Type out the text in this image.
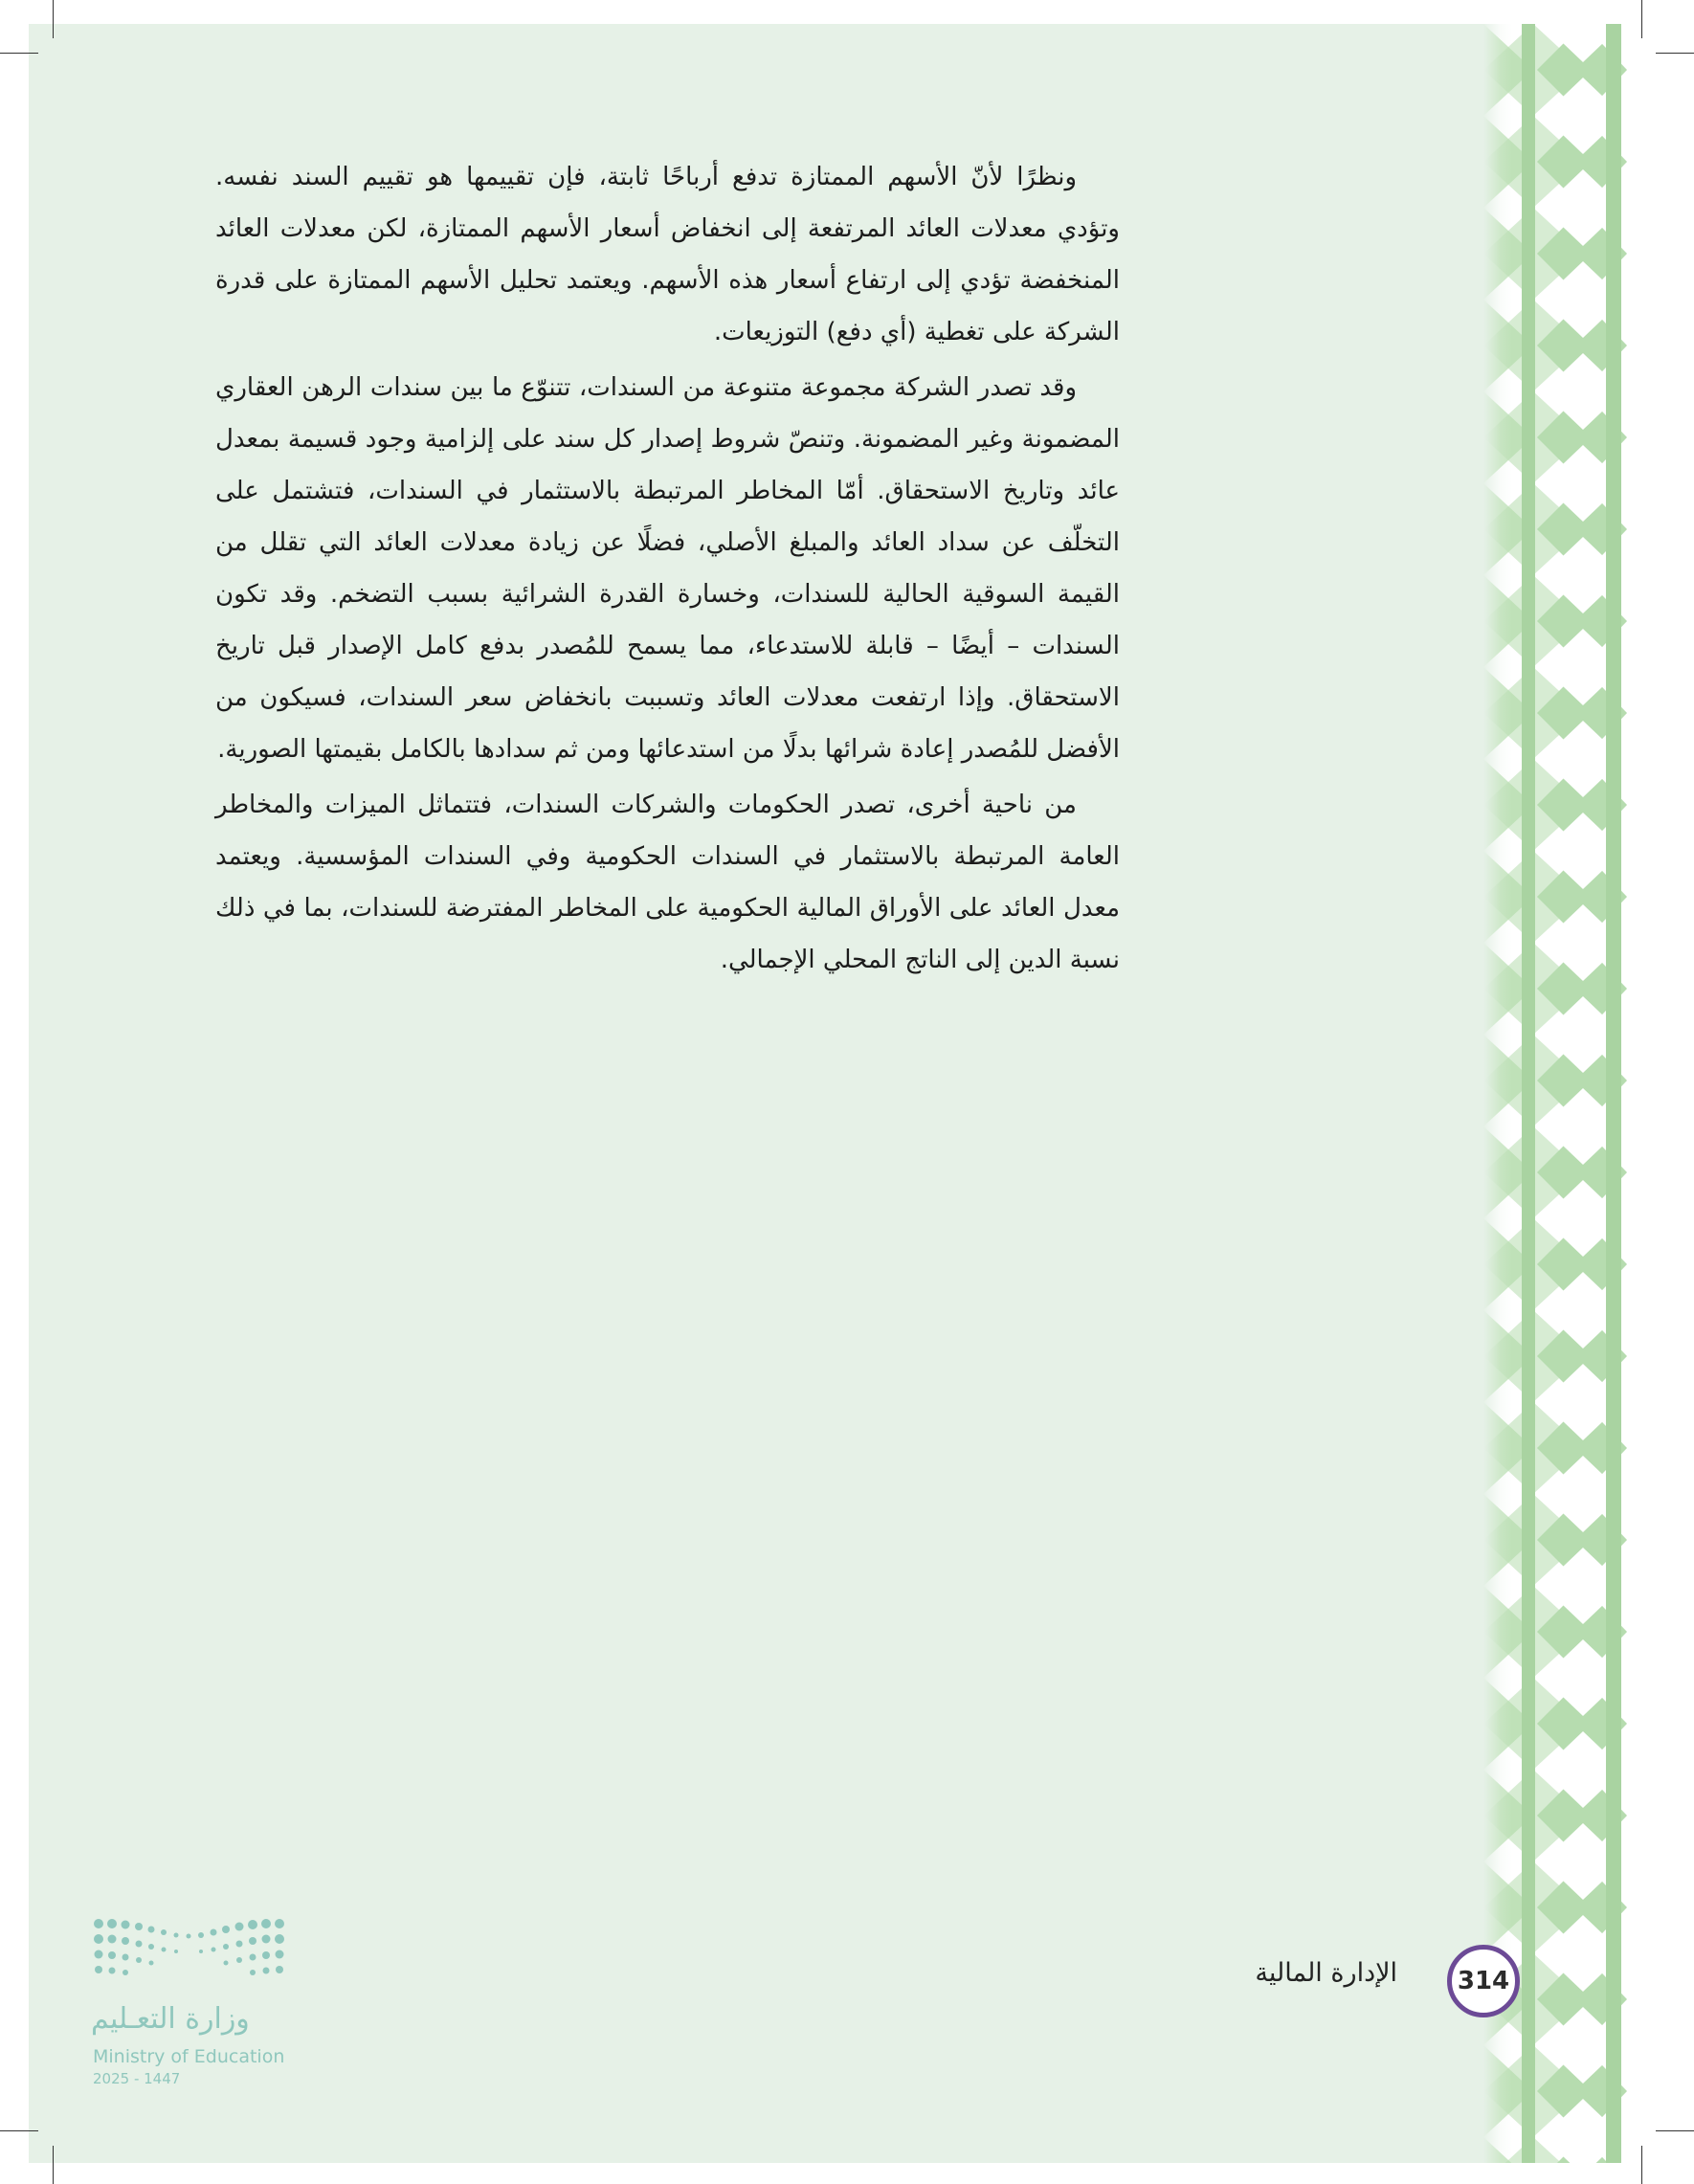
ونظرًا لأنّ الأسهم الممتازة تدفع أرباحًا ثابتة، فإن تقييمها هو تقييم السند نفسه. وتؤدي معدلات العائد المرتفعة إلى انخفاض أسعار الأسهم الممتازة، لكن معدلات العائد المنخفضة تؤدي إلى ارتفاع أسعار هذه الأسهم. ويعتمد تحليل الأسهم الممتازة على قدرة الشركة على تغطية (أي دفع) التوزيعات.

وقد تصدر الشركة مجموعة متنوعة من السندات، تتنوّع ما بين سندات الرهن العقاري المضمونة وغير المضمونة. وتنصّ شروط إصدار كل سند على إلزامية وجود قسيمة بمعدل عائد وتاريخ الاستحقاق. أمّا المخاطر المرتبطة بالاستثمار في السندات، فتشتمل على التخلّف عن سداد العائد والمبلغ الأصلي، فضلًا عن زيادة معدلات العائد التي تقلل من القيمة السوقية الحالية للسندات، وخسارة القدرة الشرائية بسبب التضخم. وقد تكون السندات – أيضًا – قابلة للاستدعاء، مما يسمح للمُصدر بدفع كامل الإصدار قبل تاريخ الاستحقاق. وإذا ارتفعت معدلات العائد وتسببت بانخفاض سعر السندات، فسيكون من الأفضل للمُصدر إعادة شرائها بدلًا من استدعائها ومن ثم سدادها بالكامل بقيمتها الصورية.

من ناحية أخرى، تصدر الحكومات والشركات السندات، فتتماثل الميزات والمخاطر العامة المرتبطة بالاستثمار في السندات الحكومية وفي السندات المؤسسية. ويعتمد معدل العائد على الأوراق المالية الحكومية على المخاطر المفترضة للسندات، بما في ذلك نسبة الدين إلى الناتج المحلي الإجمالي.

الإدارة المالية 314
وزارة التعـليم
Ministry of Education
2025 - 1447
